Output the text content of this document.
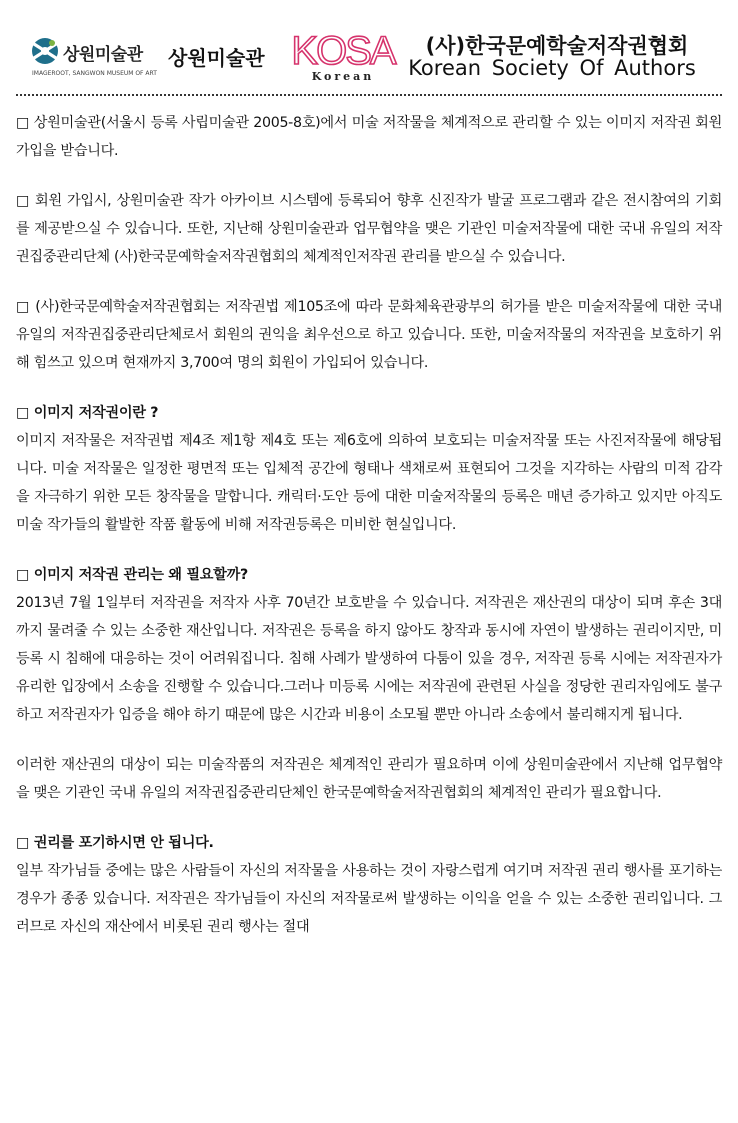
상원미술관
IMAGEROOT, SANGWON MUSEUM OF ART
상원미술관 KOSA
Korean
(사)한국문예학술저작권협회
Korean Society Of Authors

□ 상원미술관(서울시 등록 사립미술관 2005-8호)에서 미술 저작물을 체계적으로 관리할 수 있는 이미지 저작권 회원 가입을 받습니다.

□ 회원 가입시, 상원미술관 작가 아카이브 시스템에 등록되어 향후 신진작가 발굴 프로그램과 같은 전시참여의 기회를 제공받으실 수 있습니다. 또한, 지난해 상원미술관과 업무협약을 맺은 기관인 미술저작물에 대한 국내 유일의 저작권집중관리단체 (사)한국문예학술저작권협회의 체계적인저작권 관리를 받으실 수 있습니다.

□ (사)한국문예학술저작권협회는 저작권법 제105조에 따라 문화체육관광부의 허가를 받은 미술저작물에 대한 국내 유일의 저작권집중관리단체로서 회원의 권익을 최우선으로 하고 있습니다. 또한, 미술저작물의 저작권을 보호하기 위해 힘쓰고 있으며 현재까지 3,700여 명의 회원이 가입되어 있습니다.

□ 이미지 저작권이란 ?

이미지 저작물은 저작권법 제4조 제1항 제4호 또는 제6호에 의하여 보호되는 미술저작물 또는 사진저작물에 해당됩니다. 미술 저작물은 일정한 평면적 또는 입체적 공간에 형태나 색채로써 표현되어 그것을 지각하는 사람의 미적 감각을 자극하기 위한 모든 창작물을 말합니다. 캐릭터·도안 등에 대한 미술저작물의 등록은 매년 증가하고 있지만 아직도 미술 작가들의 활발한 작품 활동에 비해 저작권등록은 미비한 현실입니다.

□ 이미지 저작권 관리는 왜 필요할까?

2013년 7월 1일부터 저작권을 저작자 사후 70년간 보호받을 수 있습니다. 저작권은 재산권의 대상이 되며 후손 3대까지 물려줄 수 있는 소중한 재산입니다. 저작권은 등록을 하지 않아도 창작과 동시에 자연이 발생하는 권리이지만, 미등록 시 침해에 대응하는 것이 어려워집니다. 침해 사례가 발생하여 다툼이 있을 경우, 저작권 등록 시에는 저작권자가 유리한 입장에서 소송을 진행할 수 있습니다.그러나 미등록 시에는 저작권에 관련된 사실을 정당한 권리자임에도 불구하고 저작권자가 입증을 해야 하기 때문에 많은 시간과 비용이 소모될 뿐만 아니라 소송에서 불리해지게 됩니다.

이러한 재산권의 대상이 되는 미술작품의 저작권은 체계적인 관리가 필요하며 이에 상원미술관에서 지난해 업무협약을 맺은 기관인 국내 유일의 저작권집중관리단체인 한국문예학술저작권협회의 체계적인 관리가 필요합니다.

□ 권리를 포기하시면 안 됩니다.

일부 작가님들 중에는 많은 사람들이 자신의 저작물을 사용하는 것이 자랑스럽게 여기며 저작권 권리 행사를 포기하는 경우가 종종 있습니다. 저작권은 작가님들이 자신의 저작물로써 발생하는 이익을 얻을 수 있는 소중한 권리입니다. 그러므로 자신의 재산에서 비롯된 권리 행사는 절대
